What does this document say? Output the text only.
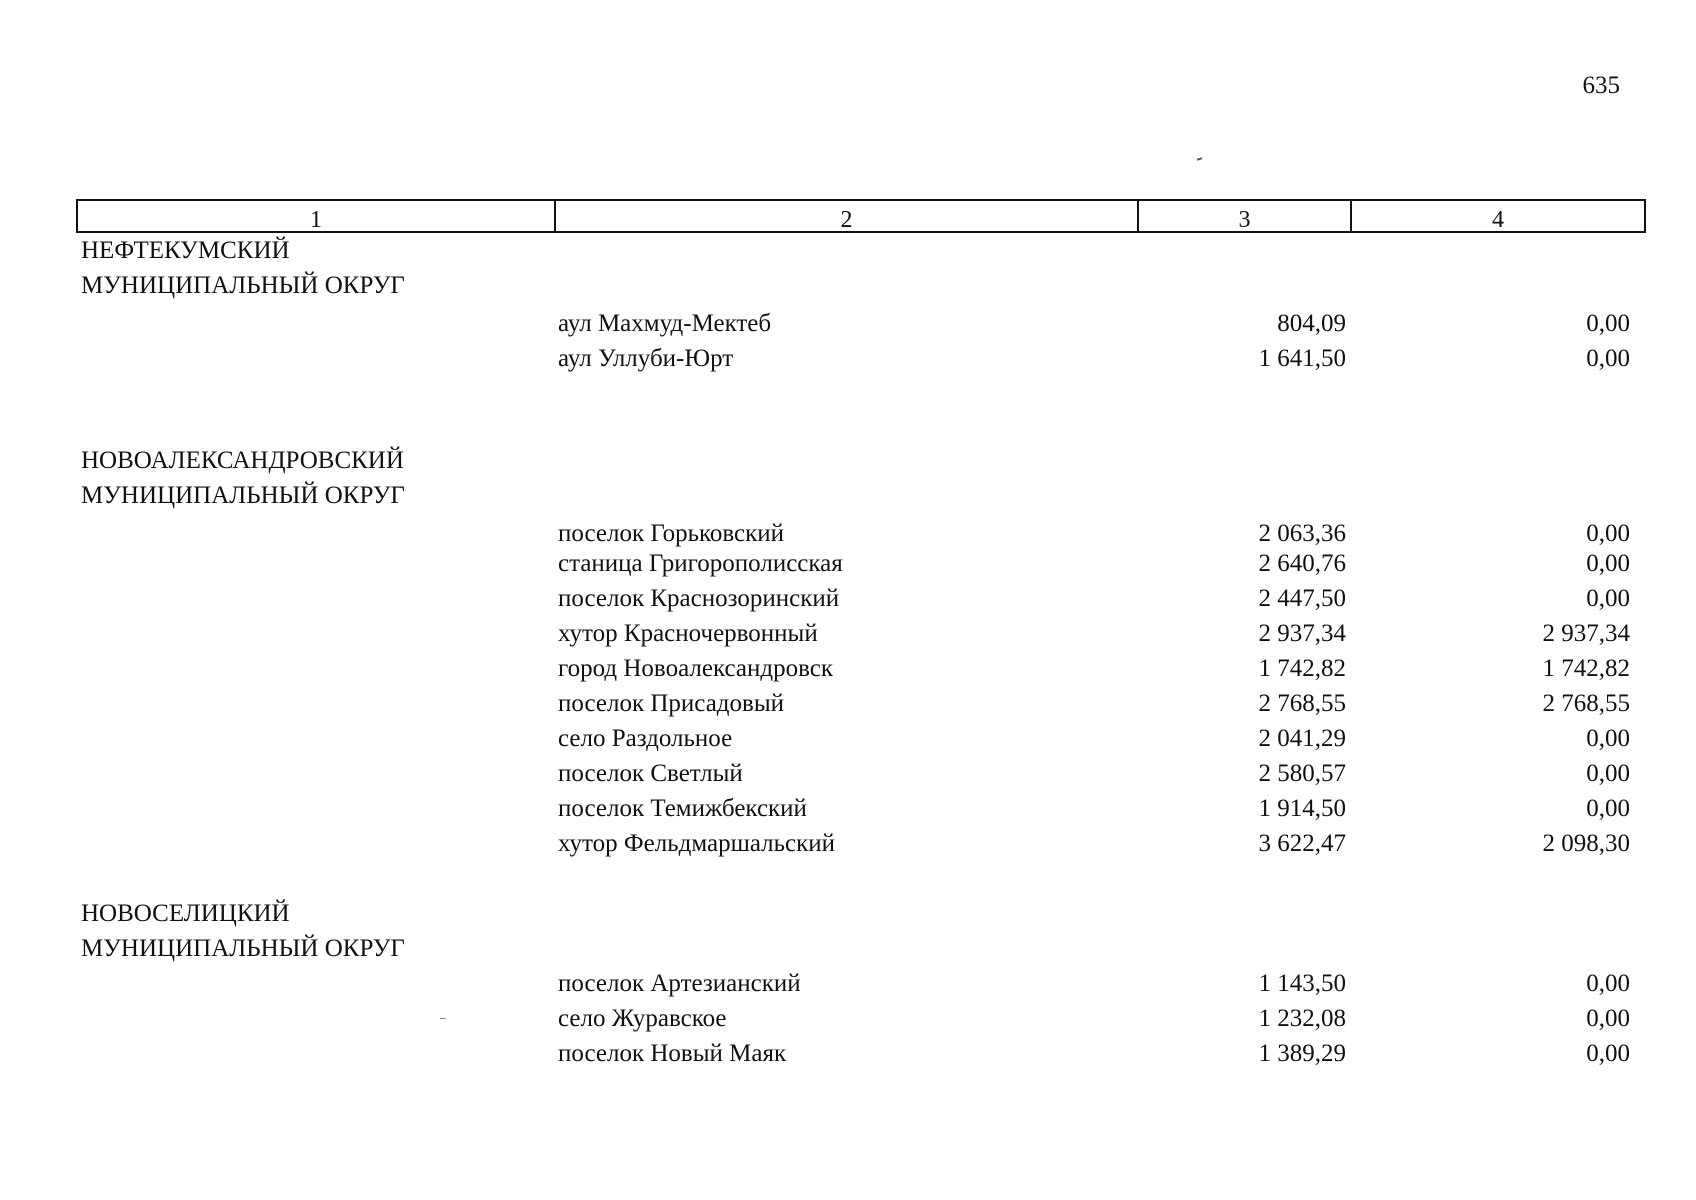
635
1	2	3	4
НЕФТЕКУМСКИЙ
МУНИЦИПАЛЬНЫЙ ОКРУГ
аул Махмуд-Мектеб	804,09	0,00
аул Уллуби-Юрт	1 641,50	0,00
НОВОАЛЕКСАНДРОВСКИЙ
МУНИЦИПАЛЬНЫЙ ОКРУГ
поселок Горьковский	2 063,36	0,00
станица Григорополисская	2 640,76	0,00
поселок Краснозоринский	2 447,50	0,00
хутор Красночервонный	2 937,34	2 937,34
город Новоалександровск	1 742,82	1 742,82
поселок Присадовый	2 768,55	2 768,55
село Раздольное	2 041,29	0,00
поселок Светлый	2 580,57	0,00
поселок Темижбекский	1 914,50	0,00
хутор Фельдмаршальский	3 622,47	2 098,30
НОВОСЕЛИЦКИЙ
МУНИЦИПАЛЬНЫЙ ОКРУГ
поселок Артезианский	1 143,50	0,00
село Журавское	1 232,08	0,00
поселок Новый Маяк	1 389,29	0,00
